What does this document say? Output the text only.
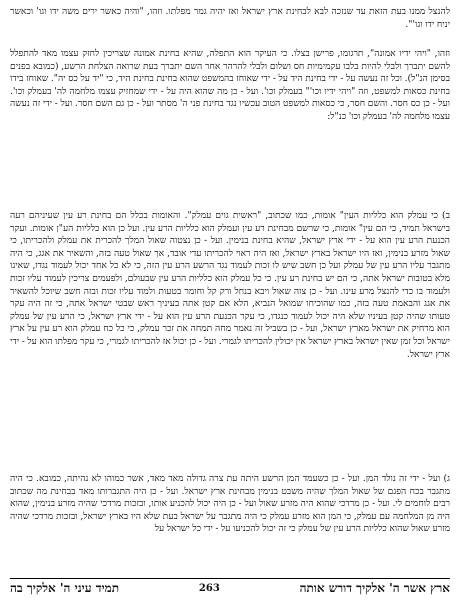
להנצל ממנו בעת הזאת עד שנזכה לבא לבחינת ארץ ישראל ואז יהיה גמר מפלתו. וזהו, "והיה כאשר ירים משה ידו וגו' וכאשר יניח ידו וגו'".

וזהו, "ויהי ידיו אמונה", תרגומו, פרישן בצלו. כי העיקר הוא התפלה, שהיא בחינת אמונה שצריכין לחזק עצמו מאד להתפלל להשם יתברך ולבלי להיות בלבו עקמימיות חס ושלום ולבלי להרהר אחר השם יתברך בעת שרואה הצלחת הרשע, (כמובא בפנים בסימן הנ"ל). וכל זה נעשה על - ידי בחינת היד על - ידי שאוחז בהמשפט שהוא בחינת בחינת היד, כי "יד על כס יה". שאוחז בידו בחינת כסאות למשפט, וזה "ויהי ידיו וכו'" בעמלק וכו'. ועל - כן מה שהוא היה על - ידי שמחזיק עצמו מלחמה לה' בעמלק וכו'. ועל - כן כס חסר. והשם חסר, כי כסאות למשפט הטוב עכשיו נגד בחינת פני ה' מסתר ועל - כן גם השם חסר. ועל - ידי זה נעשה עצמו מלחמה לה' בעמלק וכו' כנ"ל:

ב) כי עמלק הוא כלליות העין" אומות, כמו שכתוב, "ראשית גוים עמלק". והאומות בכלל הם בחינת רע עין שעיניהם רעה בישראל תמיד, כי הם עין" אומות, כי שרשם מבחינת רע עין ועמלק הוא כלליות הרע עין. ועל כן הוא כלליות הע"ן אומות. ועקר הכנעת הרע עין הוא על - ידי ארץ ישראל, שהיא בחינת בנימין. ועל - כן נצטוה שאול המלך להכרית את עמלק ולהכריתו, כי שאול מזרע בנימין, ואז היו ישראל בארץ ישראל, ואז היה ראוי להכריתו עדי אובד, אך שאול טעה בזה, והשאיר את אגג, כי היה מתגבר עליו הרע עין של עמלק ועל כן חשב שיש לו זכות לעמוד נגד הרשע הרע עין הזה, כי לא כל אחד יכול לעמוד נגדו, שאינו מלא בטובות ישראל אתה, כי הם יש בחינת רע עין. כי כל עמלק הוא כלליות הרע עין שבעולם, ולפעמים צריכין לעמוד עליו זכות ולעמוד בו כדי להנצל מרע עינו. ועל - כן צוה שאול ויבא בנחל ורק קל וחומר בטעות ולמוד עליו זכות ובזה חשב שיוכל להשאיר את אגג והבאמת טעה בזה, כמו שהוכיחו שמואל הנביא, הלא אם קטן אתה בעיניך ראש שבטי ישראל אתה, כי זה היה עקר טעותו שהיה קטן בעיניו שלא היה יכול לעמוד כנגדו, כי עקר הכנעת הרע עין הוא על - ידי ארץ ישראל, כי הרע עין של עמלק הוא מרחיק את ישראל מארץ ישראל, ועל - כן בשביל זה נאמר מחה תמחה את זכר עמלק, כי כל כח עמלק הוא רע עין על ארץ ישראל וכל זמן שאין ישראל בארץ ישראל אין יכולין להכריתו לגמרי. ועל - כן יכול אז להכריתו לגמרי, כי עקר מפלתו הוא על - ידי ארץ ישראל.

ג) ועל - ידי זה נולד המן. ועל - כן כשעמד המן הרשע היתה עת צרה גדולה מאד מאד, אשר כמוהו לא נהיתה, כמובא. כי היה מתגבר בכח הפגם של שאול המלך שהיה משבט בנימין מבחינת ארץ ישראל. ועל - כן היה התגברותו מאד בבחינת מה שכתוב רבים לוחמים לי. ועל - כן מרדכי שהוא היה מזרע שאול ועל - כן היה יכול להכניע אותו, ובזכות מרדכי שהיה מזרע בנימין, שהוא היה מן המלחמה עם עמלק, כי המן הוא מזרע עמלק כי היה מתגבר על ישראל בעת שלא היו בארץ ישראל, ובזכות מרדכי שהיה מזרע שאול שהוא כלליות הרע עין של עמלק כי זה יכול להכניעו על - ידי כל ישראל על

ארץ אשר ה' אלקיך דורש אותה
263
תמיד עיני ה' אלקיך בה
